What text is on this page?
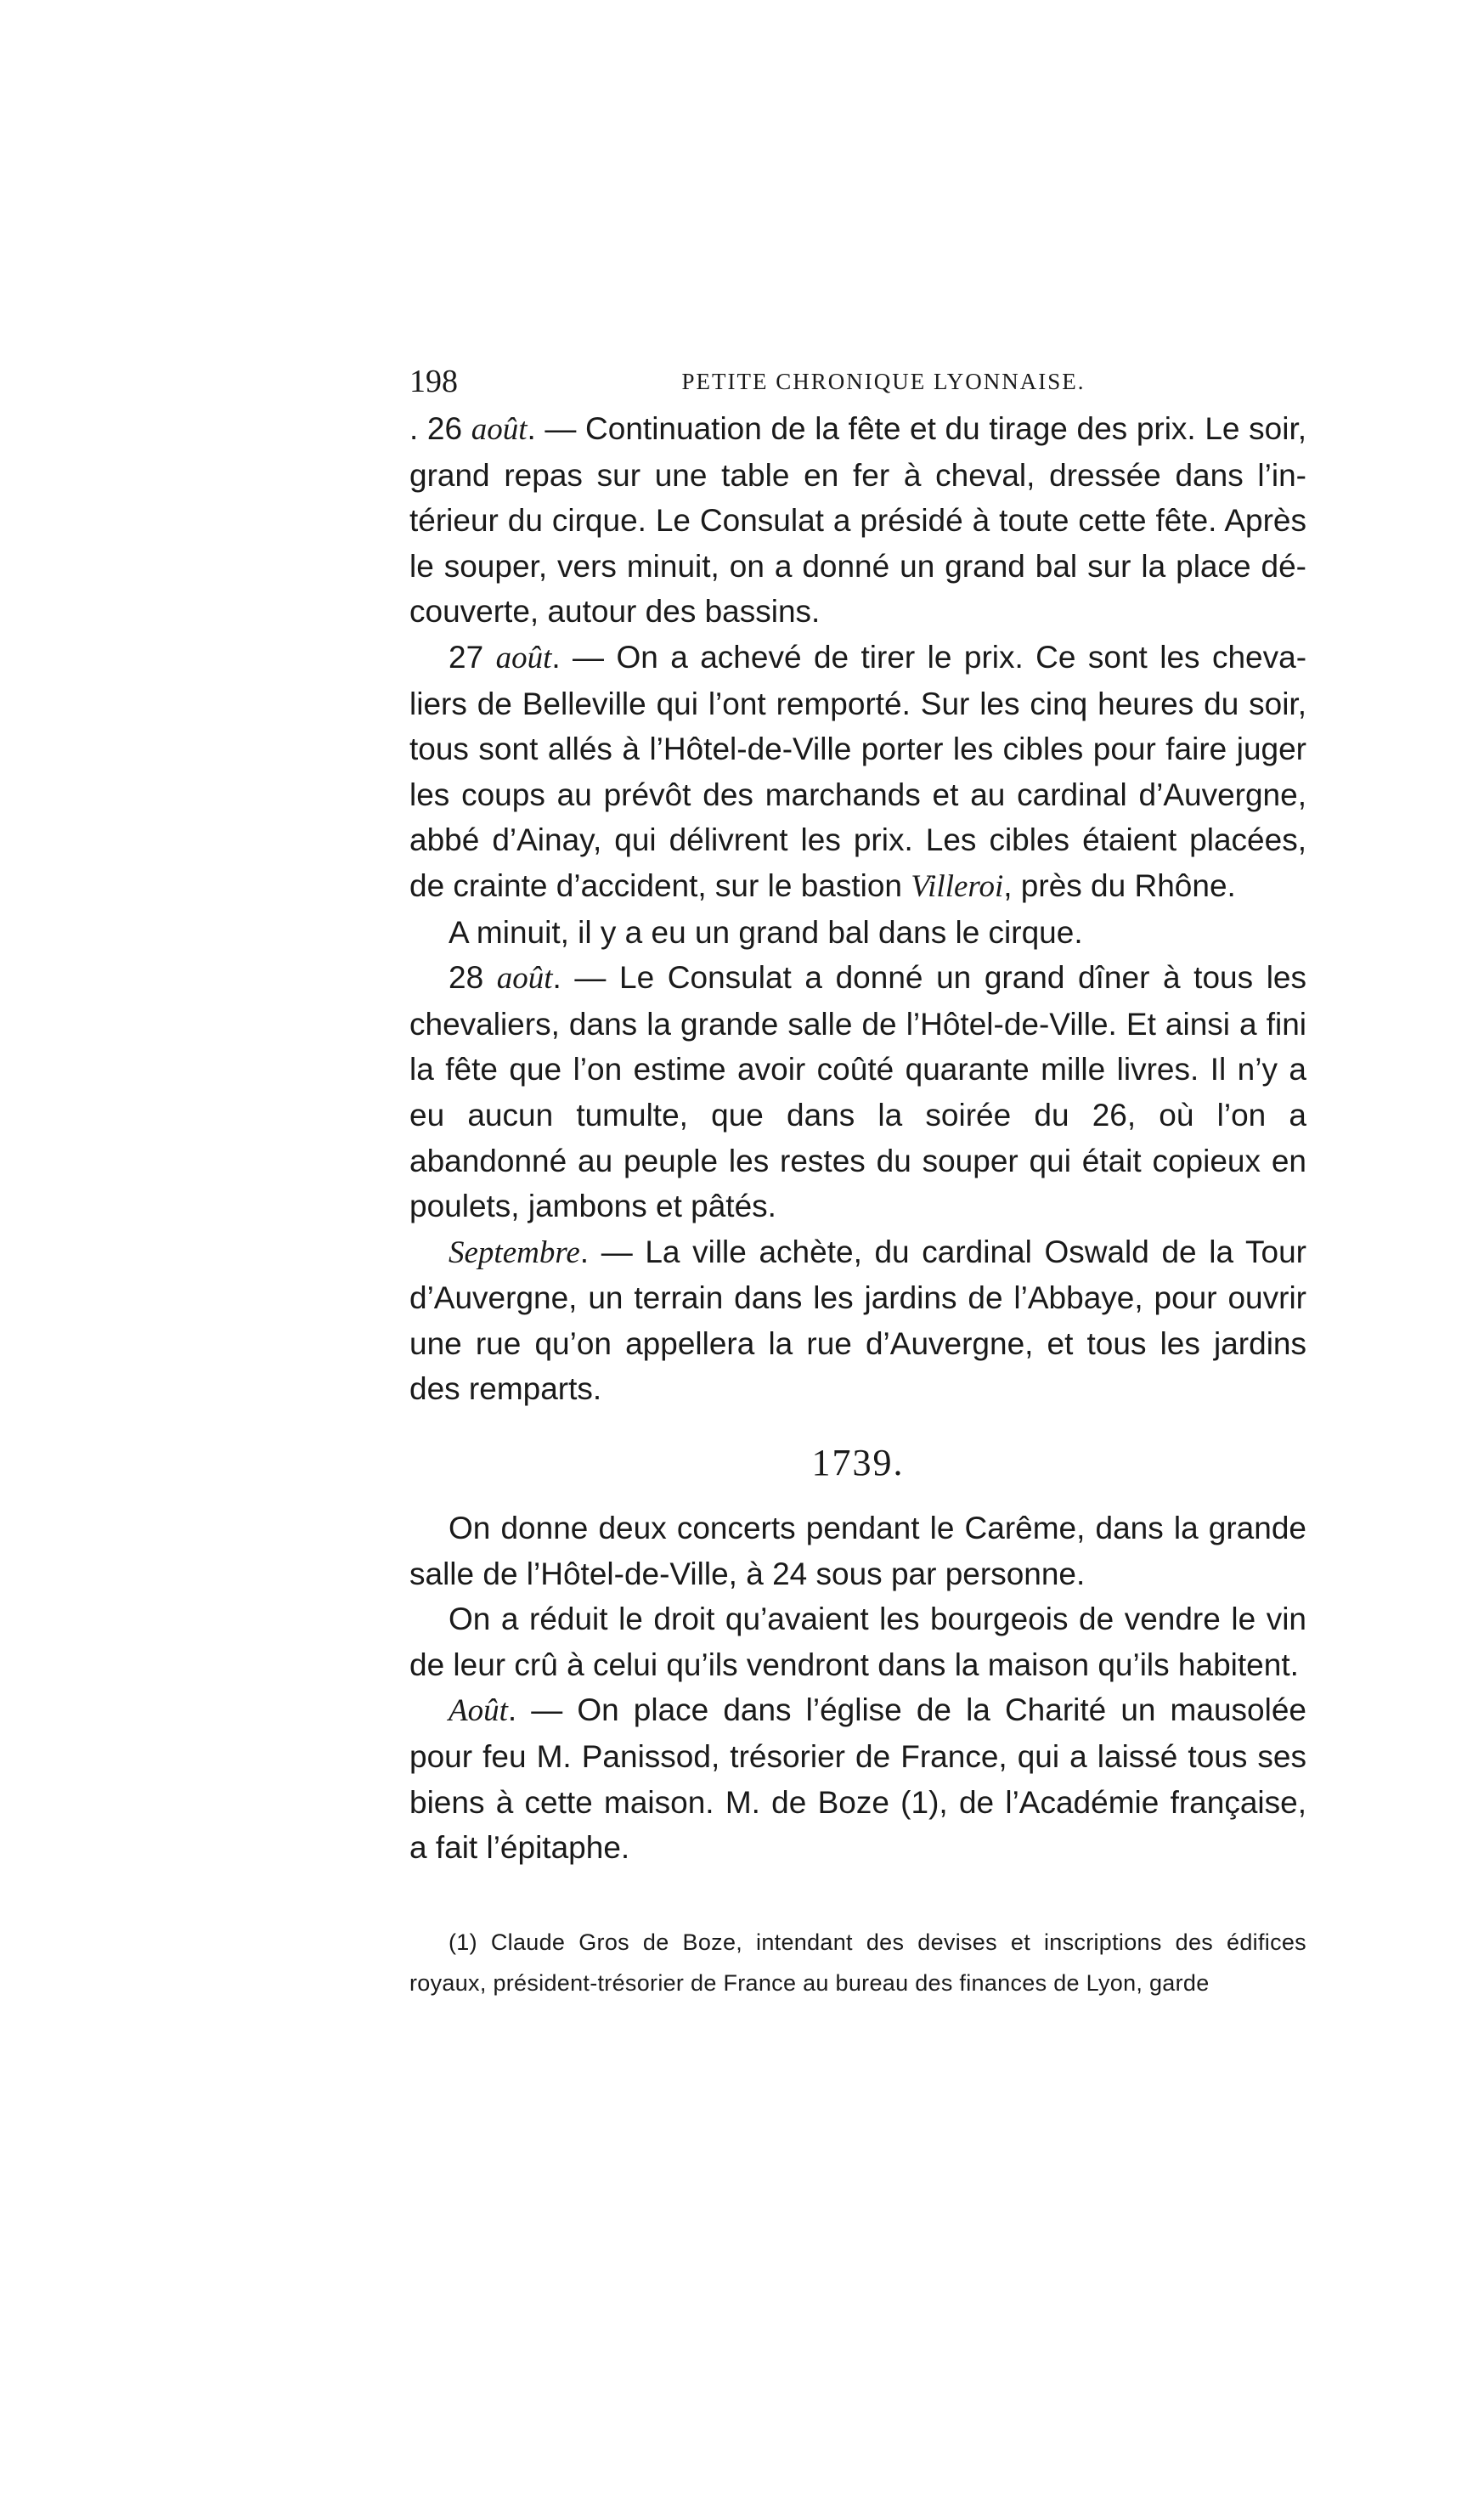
198	PETITE CHRONIQUE LYONNAISE.

. 26 août. — Continuation de la fête et du tirage des prix. Le soir, grand repas sur une table en fer à cheval, dressée dans l’intérieur du cirque. Le Consulat a présidé à toute cette fête. Après le souper, vers minuit, on a donné un grand bal sur la place découverte, autour des bassins.

27 août. — On a achevé de tirer le prix. Ce sont les chevaliers de Belleville qui l’ont remporté. Sur les cinq heures du soir, tous sont allés à l’Hôtel-de-Ville porter les cibles pour faire juger les coups au prévôt des marchands et au cardinal d’Auvergne, abbé d’Ainay, qui délivrent les prix. Les cibles étaient placées, de crainte d’accident, sur le bastion Villeroi, près du Rhône.

A minuit, il y a eu un grand bal dans le cirque.

28 août. — Le Consulat a donné un grand dîner à tous les chevaliers, dans la grande salle de l’Hôtel-de-Ville. Et ainsi a fini la fête que l’on estime avoir coûté quarante mille livres. Il n’y a eu aucun tumulte, que dans la soirée du 26, où l’on a abandonné au peuple les restes du souper qui était copieux en poulets, jambons et pâtés.

Septembre. — La ville achète, du cardinal Oswald de la Tour d’Auvergne, un terrain dans les jardins de l’Abbaye, pour ouvrir une rue qu’on appellera la rue d’Auvergne, et tous les jardins des remparts.

1739.

On donne deux concerts pendant le Carême, dans la grande salle de l’Hôtel-de-Ville, à 24 sous par personne.

On a réduit le droit qu’avaient les bourgeois de vendre le vin de leur crû à celui qu’ils vendront dans la maison qu’ils habitent.

Août. — On place dans l’église de la Charité un mausolée pour feu M. Panissod, trésorier de France, qui a laissé tous ses biens à cette maison. M. de Boze (1), de l’Académie française, a fait l’épitaphe.

(1) Claude Gros de Boze, intendant des devises et inscriptions des édifices royaux, président-trésorier de France au bureau des finances de Lyon, garde
